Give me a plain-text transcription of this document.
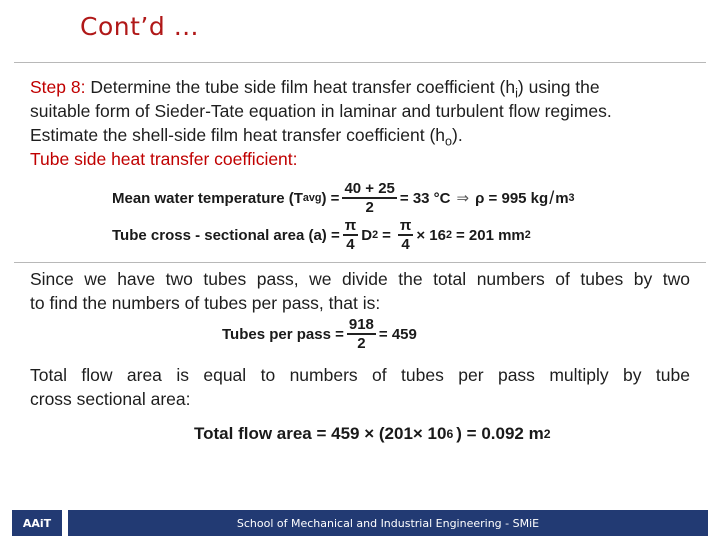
Cont’d …
Step 8: Determine the tube side film heat transfer coefficient $(h_i)$ using the
suitable form of Sieder-Tate equation in laminar and turbulent flow regimes.
Estimate the shell-side film heat transfer coefficient $(h_o)$.
Tube side heat transfer coefficient:
Mean water temperature (T avg ) = $\frac{40 + 25}{2} = 33$ °C ⇒ ρ = 995 kg / m 3
Tube cross - sectional area $(a) = \frac{\pi}{4}$ D $2 = \frac{\pi}{4} \times 16$ 2 = 201 mm 2
Since we have two tubes pass, we divide the total numbers of tubes by two
to find the numbers of tubes per pass, that is:
Tubes per pass = $\frac{918}{2} = 459$
Total flow area is equal to numbers of tubes per pass multiply by tube
cross sectional area:
Total flow area = 459 × (201× 10 6 ) = 0.092 m 2
AAiT	School of Mechanical and Industrial Engineering - SMiE
